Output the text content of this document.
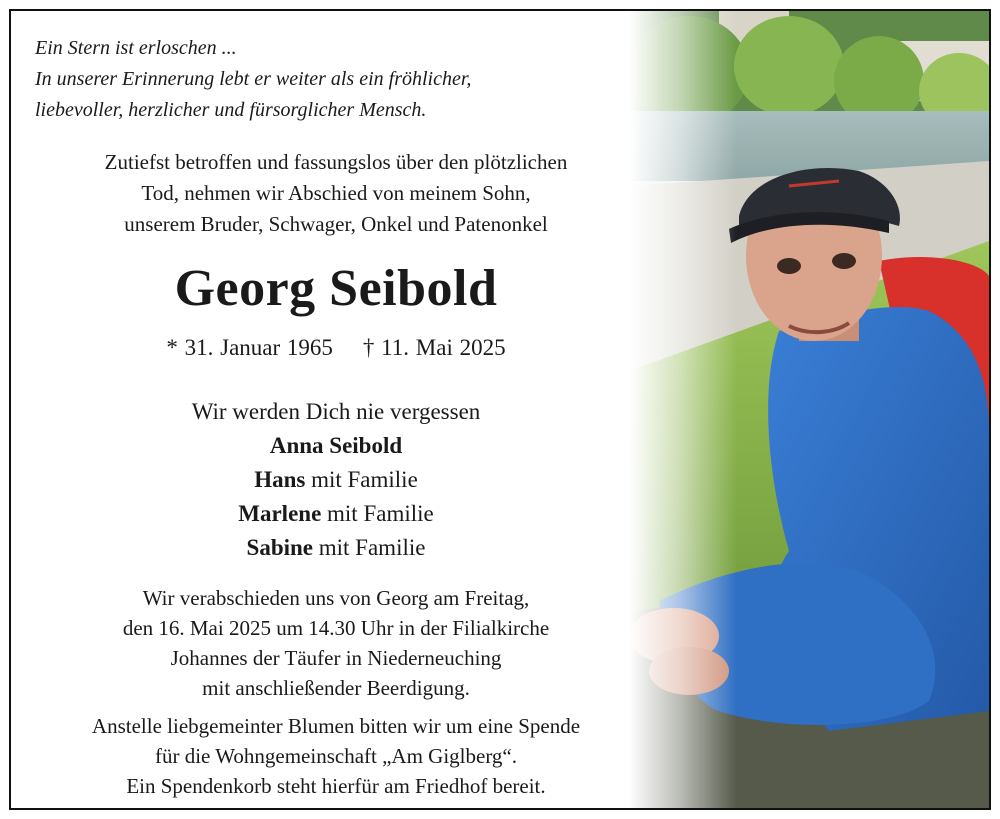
Ein Stern ist erloschen ...
In unserer Erinnerung lebt er weiter als ein fröhlicher,
liebevoller, herzlicher und fürsorglicher Mensch.
Zutiefst betroffen und fassungslos über den plötzlichen
Tod, nehmen wir Abschied von meinem Sohn,
unserem Bruder, Schwager, Onkel und Patenonkel
Georg Seibold
* 31. Januar 1965 † 11. Mai 2025
Wir werden Dich nie vergessen
Anna Seibold
Hans mit Familie
Marlene mit Familie
Sabine mit Familie
Wir verabschieden uns von Georg am Freitag,
den 16. Mai 2025 um 14.30 Uhr in der Filialkirche
Johannes der Täufer in Niederneuching
mit anschließender Beerdigung.
Anstelle liebgemeinter Blumen bitten wir um eine Spende
für die Wohngemeinschaft „Am Giglberg“.
Ein Spendenkorb steht hierfür am Friedhof bereit.
